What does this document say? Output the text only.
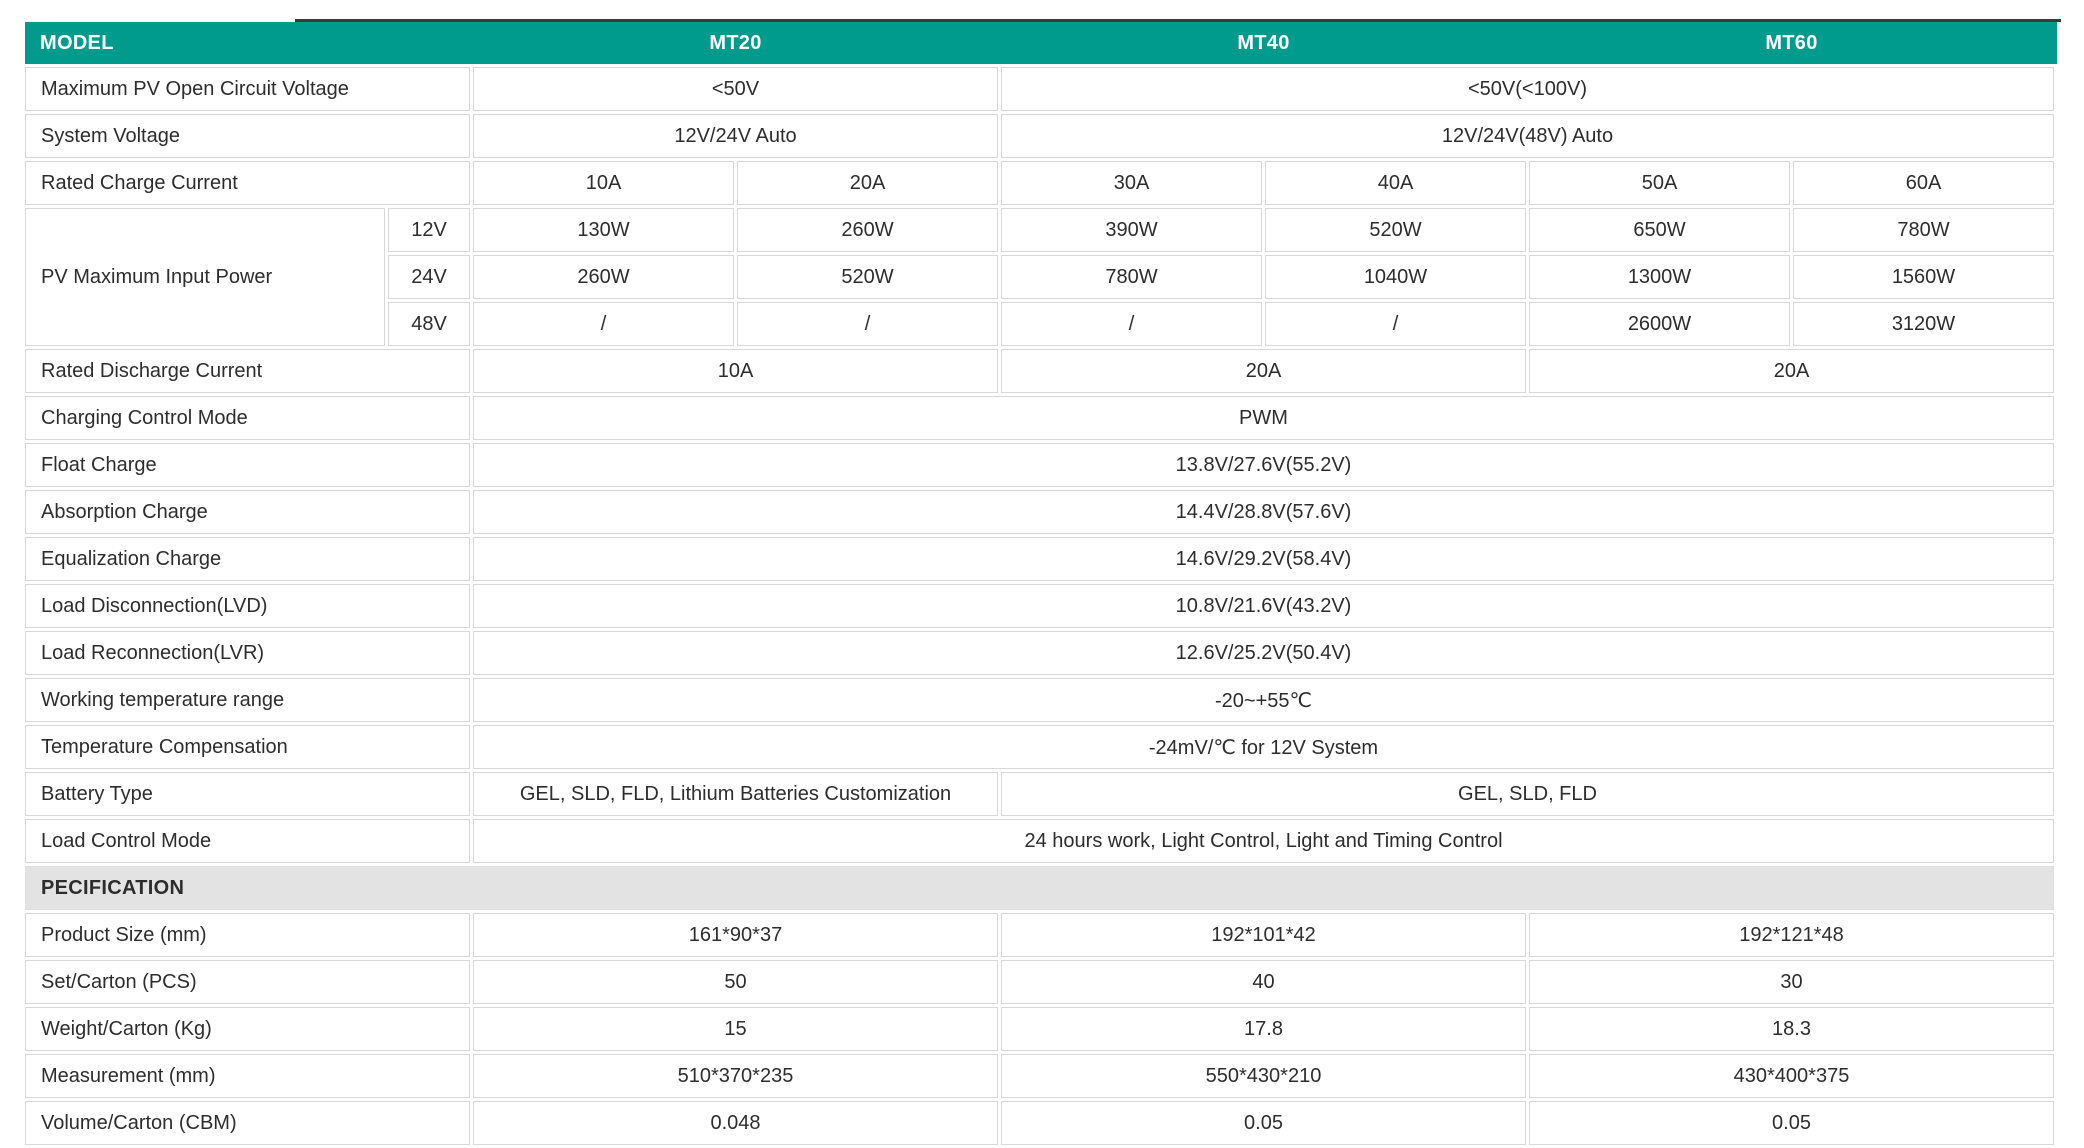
MODEL		MT20		MT40		MT60	
Maximum PV Open Circuit Voltage		<50V		<50V(<100V)			
System Voltage		12V/24V Auto		12V/24V(48V) Auto			
Rated Charge Current		10A	20A	30A	40A	50A	60A
PV Maximum Input Power	12V	130W	260W	390W	520W	650W	780W
	24V	260W	520W	780W	1040W	1300W	1560W
	48V	/	/	/	/	2600W	3120W
Rated Discharge Current		10A		20A		20A	
Charging Control Mode		PWM					
Float Charge		13.8V/27.6V(55.2V)					
Absorption Charge		14.4V/28.8V(57.6V)					
Equalization Charge		14.6V/29.2V(58.4V)					
Load Disconnection(LVD)		10.8V/21.6V(43.2V)					
Load Reconnection(LVR)		12.6V/25.2V(50.4V)					
Working temperature range		-20~+55℃					
Temperature Compensation		-24mV/℃ for 12V System					
Battery Type		GEL, SLD, FLD, Lithium Batteries Customization		GEL, SLD, FLD			
Load Control Mode		24 hours work, Light Control, Light and Timing Control					
PECIFICATION							
Product Size (mm)		161*90*37		192*101*42		192*121*48	
Set/Carton (PCS)		50		40		30	
Weight/Carton (Kg)		15		17.8		18.3	
Measurement (mm)		510*370*235		550*430*210		430*400*375	
Volume/Carton (CBM)		0.048		0.05		0.05	
